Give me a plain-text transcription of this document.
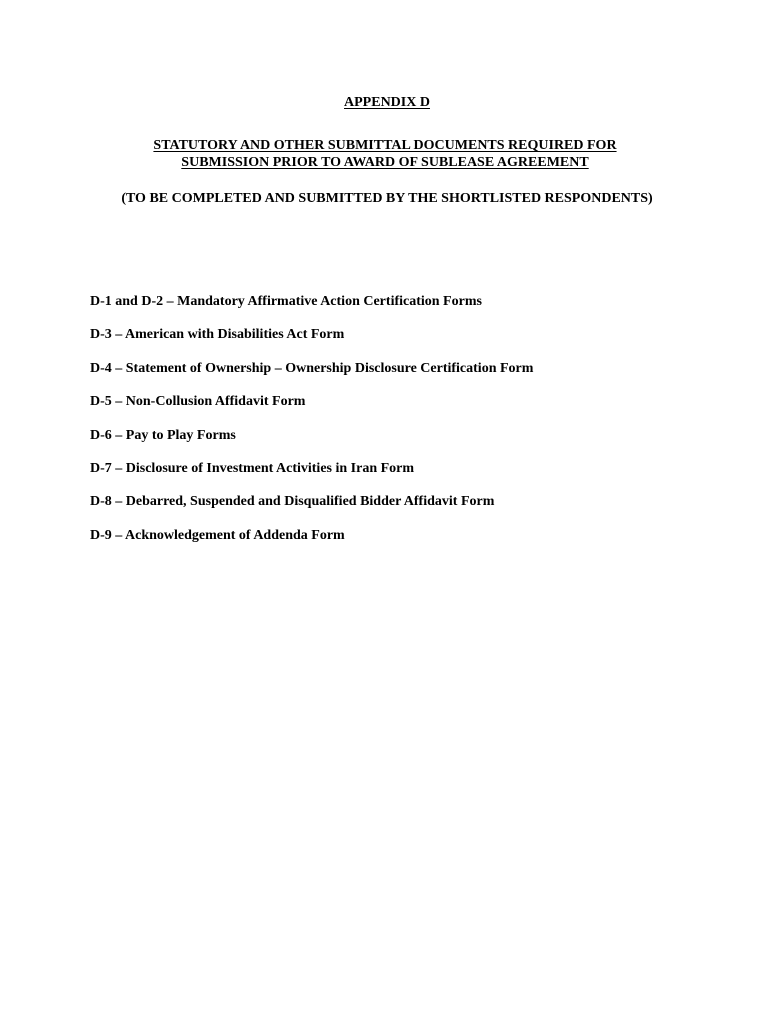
APPENDIX D
STATUTORY AND OTHER SUBMITTAL DOCUMENTS REQUIRED FOR
SUBMISSION PRIOR TO AWARD OF SUBLEASE AGREEMENT
(TO BE COMPLETED AND SUBMITTED BY THE SHORTLISTED RESPONDENTS)
D-1 and D-2 – Mandatory Affirmative Action Certification Forms
D-3 – American with Disabilities Act Form
D-4 – Statement of Ownership – Ownership Disclosure Certification Form
D-5 – Non-Collusion Affidavit Form
D-6 – Pay to Play Forms
D-7 – Disclosure of Investment Activities in Iran Form
D-8 – Debarred, Suspended and Disqualified Bidder Affidavit Form
D-9 – Acknowledgement of Addenda Form
